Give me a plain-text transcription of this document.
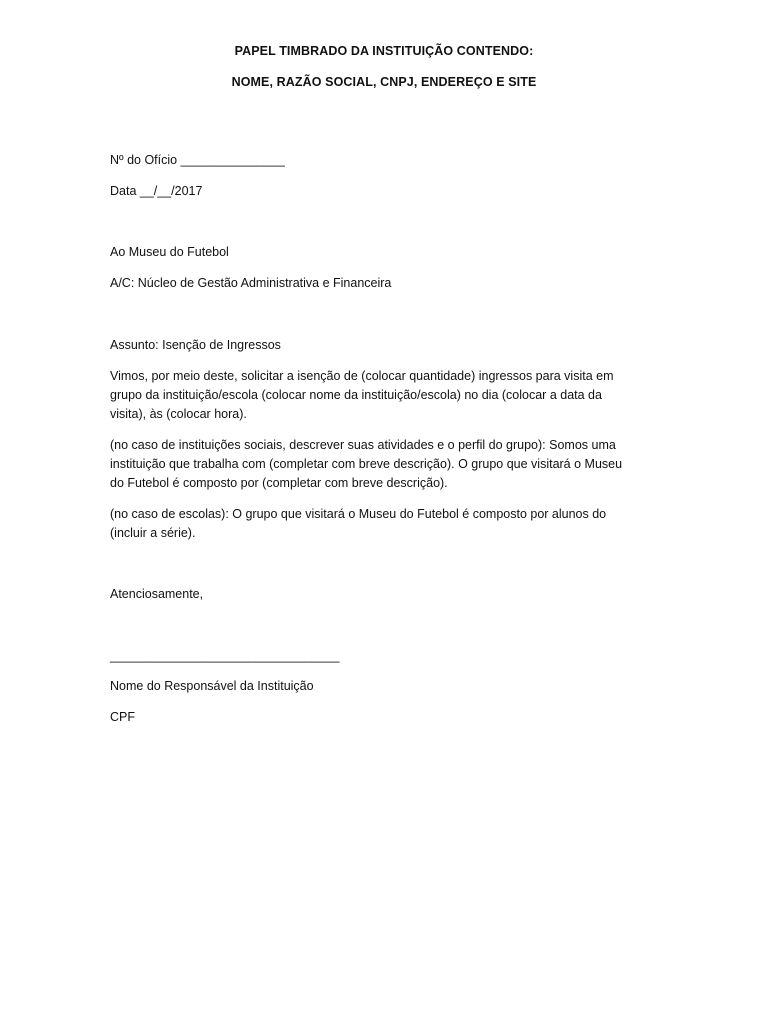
PAPEL TIMBRADO DA INSTITUIÇÃO CONTENDO:
NOME, RAZÃO SOCIAL, CNPJ, ENDEREÇO E SITE
Nº do Ofício _______________
Data __/__/2017
Ao Museu do Futebol
A/C: Núcleo de Gestão Administrativa e Financeira
Assunto: Isenção de Ingressos
Vimos, por meio deste, solicitar a isenção de (colocar quantidade) ingressos para visita em
grupo da instituição/escola (colocar nome da instituição/escola) no dia (colocar a data da
visita), às (colocar hora).
(no caso de instituições sociais, descrever suas atividades e o perfil do grupo): Somos uma
instituição que trabalha com (completar com breve descrição). O grupo que visitará o Museu
do Futebol é composto por (completar com breve descrição).
(no caso de escolas): O grupo que visitará o Museu do Futebol é composto por alunos do
(incluir a série).
Atenciosamente,
_________________________________
Nome do Responsável da Instituição
CPF
